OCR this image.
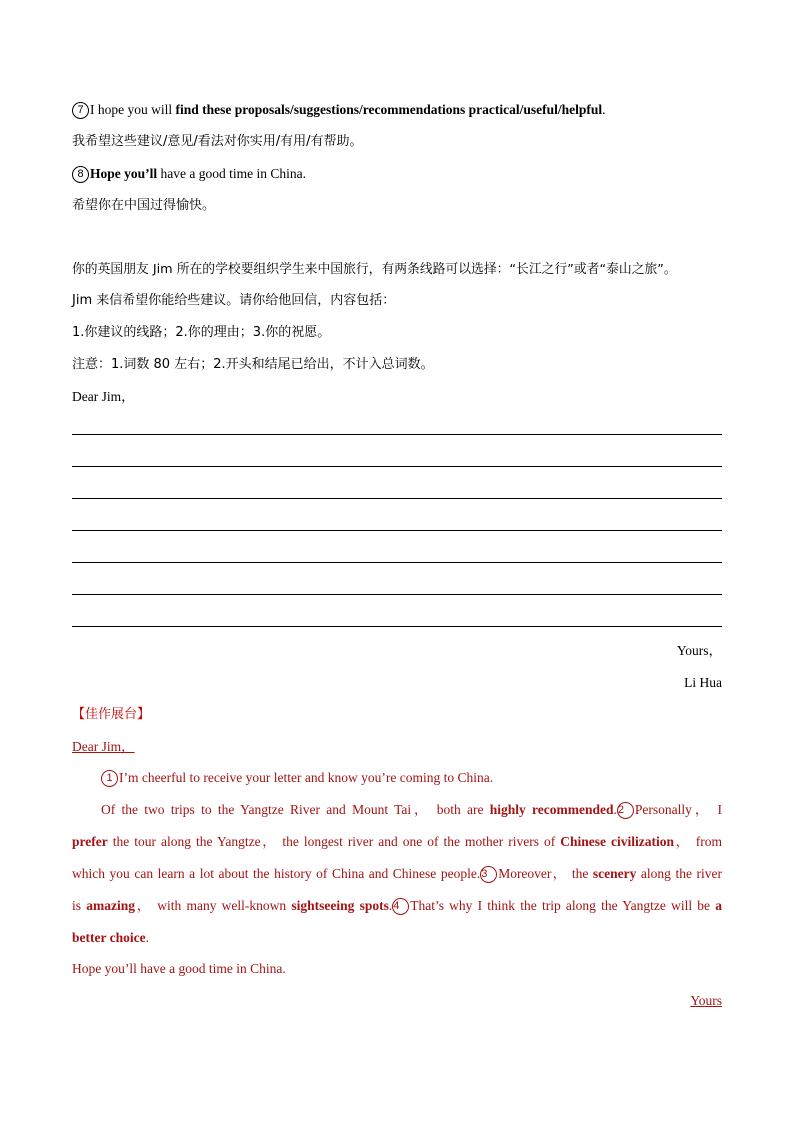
7 I hope you will find these proposals/suggestions/recommendations practical/useful/helpful.
我希望这些建议/意见/看法对你实用/有用/有帮助。
8 Hope you’ll have a good time in China.
希望你在中国过得愉快。
你的英国朋友 Jim 所在的学校要组织学生来中国旅行，有两条线路可以选择：“长江之行”或者“泰山之旅”。
Jim 来信希望你能给些建议。请你给他回信，内容包括：
1.你建议的线路；2.你的理由；3.你的祝愿。
注意：1.词数 80 左右；2.开头和结尾已给出，不计入总词数。
Dear Jim，
Yours，
Li Hua
【佳作展台】
Dear Jim，
1 I’m cheerful to receive your letter and know you’re coming to China.
Of the two trips to the Yangtze River and Mount Tai， both are highly recommended.2 Personally， I
prefer the tour along the Yangtze， the longest river and one of the mother rivers of Chinese civilization， from
which you can learn a lot about the history of China and Chinese people.3 Moreover， the scenery along the river
is amazing， with many well-known sightseeing spots.4 That’s why I think the trip along the Yangtze will be a
better choice.
Hope you’ll have a good time in China.
Yours
